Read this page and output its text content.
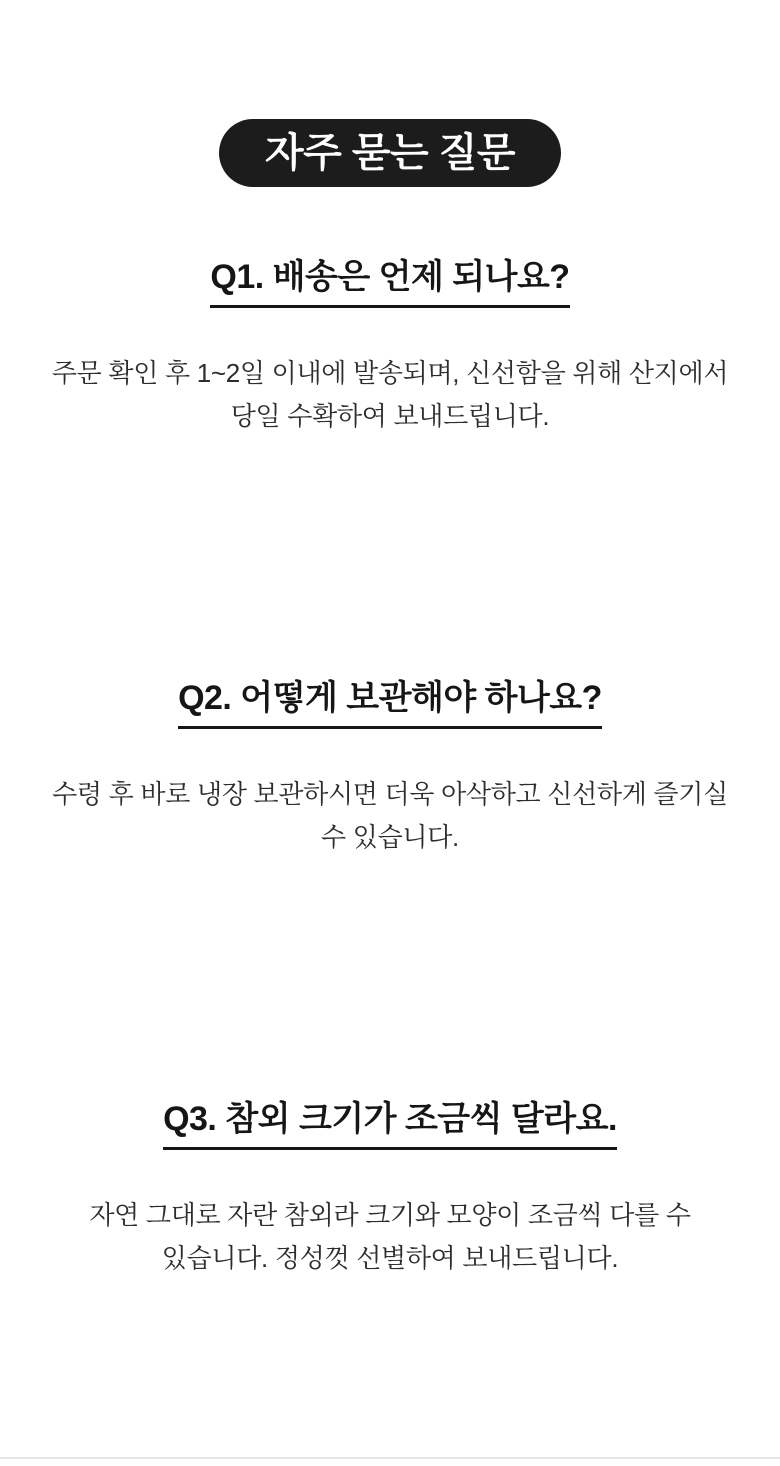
자주 묻는 질문
Q1. 배송은 언제 되나요?
주문 확인 후 1~2일 이내에 발송되며, 신선함을 위해 산지에서
당일 수확하여 보내드립니다.
Q2. 어떻게 보관해야 하나요?
수령 후 바로 냉장 보관하시면 더욱 아삭하고 신선하게 즐기실
수 있습니다.
Q3. 참외 크기가 조금씩 달라요.
자연 그대로 자란 참외라 크기와 모양이 조금씩 다를 수
있습니다. 정성껏 선별하여 보내드립니다.
